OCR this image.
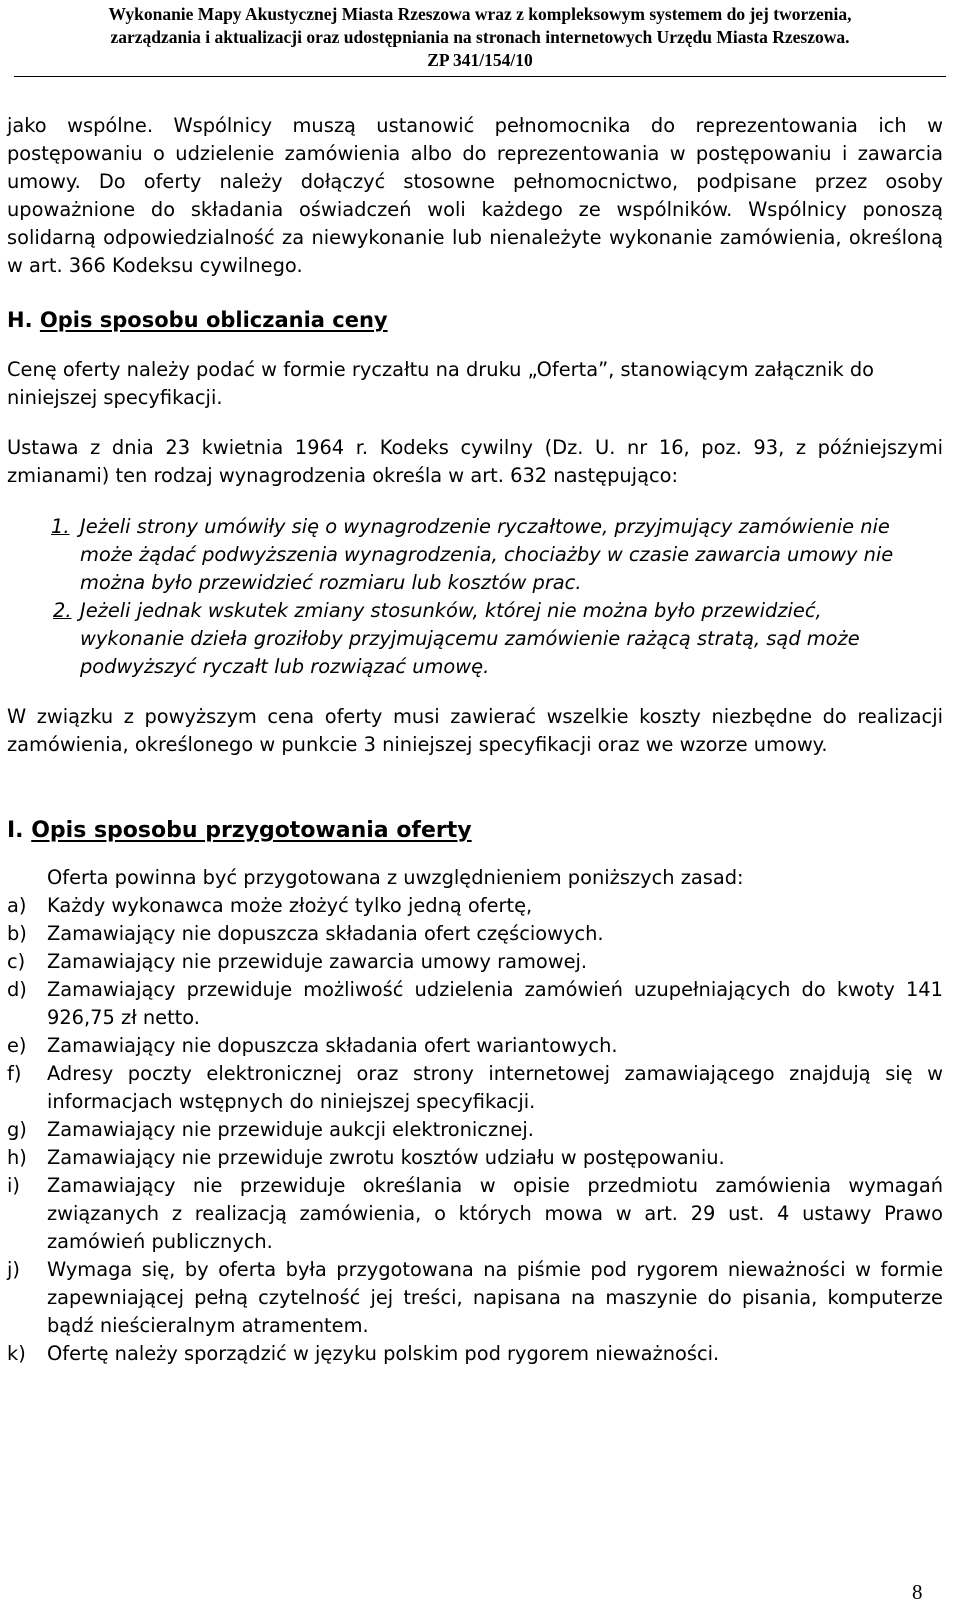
Wykonanie Mapy Akustycznej Miasta Rzeszowa wraz z kompleksowym systemem do jej tworzenia,
zarządzania i aktualizacji oraz udostępniania na stronach internetowych Urzędu Miasta Rzeszowa.
ZP 341/154/10

jako wspólne. Wspólnicy muszą ustanowić pełnomocnika do reprezentowania ich w postępowaniu o udzielenie zamówienia albo do reprezentowania w postępowaniu i zawarcia umowy. Do oferty należy dołączyć stosowne pełnomocnictwo, podpisane przez osoby upoważnione do składania oświadczeń woli każdego ze wspólników. Wspólnicy ponoszą solidarną odpowiedzialność za niewykonanie lub nienależyte wykonanie zamówienia, określoną w art. 366 Kodeksu cywilnego.

H. Opis sposobu obliczania ceny

Cenę oferty należy podać w formie ryczałtu na druku „Oferta”, stanowiącym załącznik do niniejszej specyfikacji.

Ustawa z dnia 23 kwietnia 1964 r. Kodeks cywilny (Dz. U. nr 16, poz. 93, z późniejszymi zmianami) ten rodzaj wynagrodzenia określa w art. 632 następująco:

1. Jeżeli strony umówiły się o wynagrodzenie ryczałtowe, przyjmujący zamówienie nie może żądać podwyższenia wynagrodzenia, chociażby w czasie zawarcia umowy nie można było przewidzieć rozmiaru lub kosztów prac.
2. Jeżeli jednak wskutek zmiany stosunków, której nie można było przewidzieć, wykonanie dzieła groziłoby przyjmującemu zamówienie rażącą stratą, sąd może podwyższyć ryczałt lub rozwiązać umowę.

W związku z powyższym cena oferty musi zawierać wszelkie koszty niezbędne do realizacji zamówienia, określonego w punkcie 3 niniejszej specyfikacji oraz we wzorze umowy.

I. Opis sposobu przygotowania oferty

Oferta powinna być przygotowana z uwzględnieniem poniższych zasad:

a) Każdy wykonawca może złożyć tylko jedną ofertę,
b) Zamawiający nie dopuszcza składania ofert częściowych.
c) Zamawiający nie przewiduje zawarcia umowy ramowej.
d) Zamawiający przewiduje możliwość udzielenia zamówień uzupełniających do kwoty 141 926,75 zł netto.
e) Zamawiający nie dopuszcza składania ofert wariantowych.
f) Adresy poczty elektronicznej oraz strony internetowej zamawiającego znajdują się w informacjach wstępnych do niniejszej specyfikacji.
g) Zamawiający nie przewiduje aukcji elektronicznej.
h) Zamawiający nie przewiduje zwrotu kosztów udziału w postępowaniu.
i) Zamawiający nie przewiduje określania w opisie przedmiotu zamówienia wymagań związanych z realizacją zamówienia, o których mowa w art. 29 ust. 4 ustawy Prawo zamówień publicznych.
j) Wymaga się, by oferta była przygotowana na piśmie pod rygorem nieważności w formie zapewniającej pełną czytelność jej treści, napisana na maszynie do pisania, komputerze bądź nieścieralnym atramentem.
k) Ofertę należy sporządzić w języku polskim pod rygorem nieważności.
8
